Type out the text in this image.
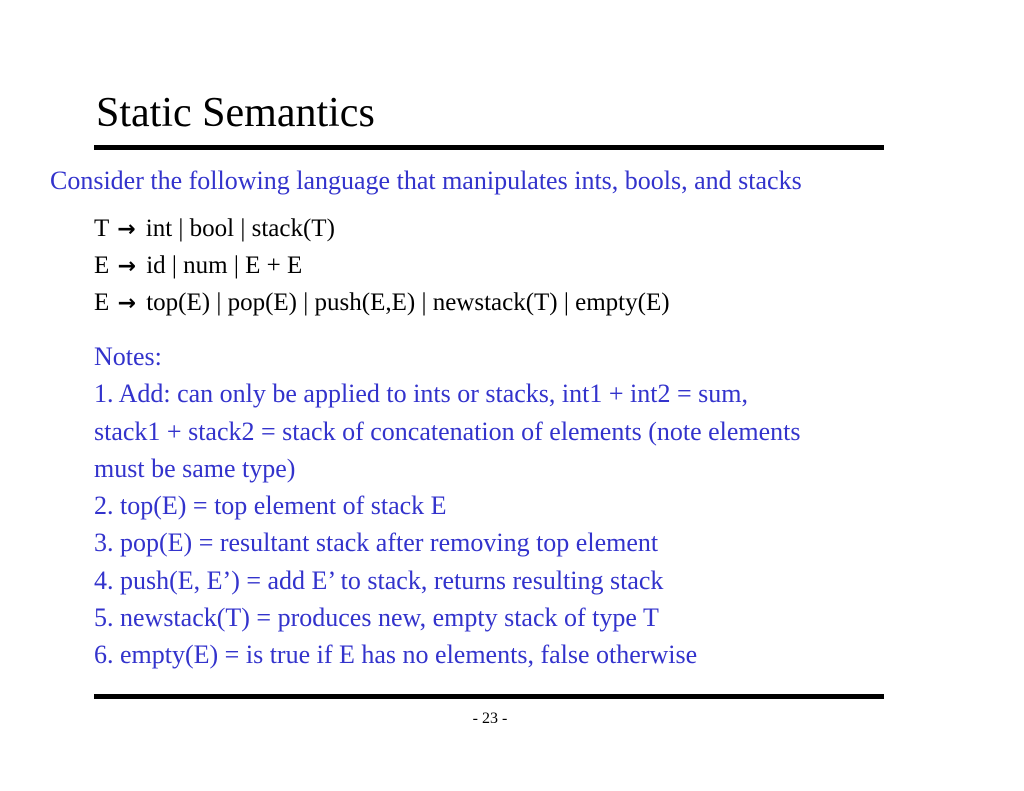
Static Semantics
Consider the following language that manipulates ints, bools, and stacks
T → int | bool | stack(T)
E → id | num | E + E
E → top(E) | pop(E) | push(E,E) | newstack(T) | empty(E)
Notes:
1. Add: can only be applied to ints or stacks, int1 + int2 = sum,
stack1 + stack2 = stack of concatenation of elements (note elements
must be same type)
2. top(E) = top element of stack E
3. pop(E) = resultant stack after removing top element
4. push(E, E’) = add E’ to stack, returns resulting stack
5. newstack(T) = produces new, empty stack of type T
6. empty(E) = is true if E has no elements, false otherwise
- 23 -
